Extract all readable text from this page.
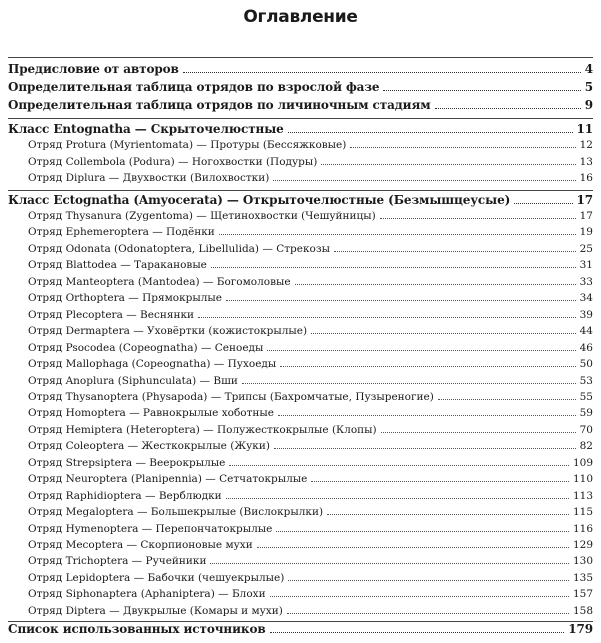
Оглавление
Предисловие от авторов	4
Определительная таблица отрядов по взрослой фазе	5
Определительная таблица отрядов по личиночным стадиям	9
Класс Entognatha — Скрыточелюстные	11
Отряд Protura (Myrientomata) — Протуры (Бессяжковые)	12
Отряд Collembola (Podura) — Ногохвостки (Подуры)	13
Отряд Diplura — Двухвостки (Вилохвостки)	16
Класс Ectognatha (Amyocerata) — Открыточелюстные (Безмышцеусые)	17
Отряд Thysanura (Zygentoma) — Щетинохвостки (Чешуйницы)	17
Отряд Ephemeroptera — Подёнки	19
Отряд Odonata (Odonatoptera, Libellulida) — Стрекозы	25
Отряд Blattodea — Таракановые	31
Отряд Manteoptera (Mantodea) — Богомоловые	33
Отряд Orthoptera — Прямокрылые	34
Отряд Plecoptera — Веснянки	39
Отряд Dermaptera — Уховёртки (кожистокрылые)	44
Отряд Psocodea (Copeognatha) — Сеноеды	46
Отряд Mallophaga (Copeognatha) — Пухоеды	50
Отряд Anoplura (Siphunculata) — Вши	53
Отряд Thysanoptera (Physapoda) — Трипсы (Бахромчатые, Пузыреногие)	55
Отряд Homoptera — Равнокрылые хоботные	59
Отряд Hemiptera (Heteroptera) — Полужесткокрылые (Клопы)	70
Отряд Coleoptera — Жесткокрылые (Жуки)	82
Отряд Strepsiptera — Веерокрылые	109
Отряд Neuroptera (Planipennia) — Сетчатокрылые	110
Отряд Raphidioptera — Верблюдки	113
Отряд Megaloptera — Большекрылые (Вислокрылки)	115
Отряд Hymenoptera — Перепончатокрылые	116
Отряд Mecoptera — Скорпионовые мухи	129
Отряд Trichoptera — Ручейники	130
Отряд Lepidoptera — Бабочки (чешуекрылые)	135
Отряд Siphonaptera (Aphaniptera) — Блохи	157
Отряд Diptera — Двукрылые (Комары и мухи)	158
Список использованных источников	179
